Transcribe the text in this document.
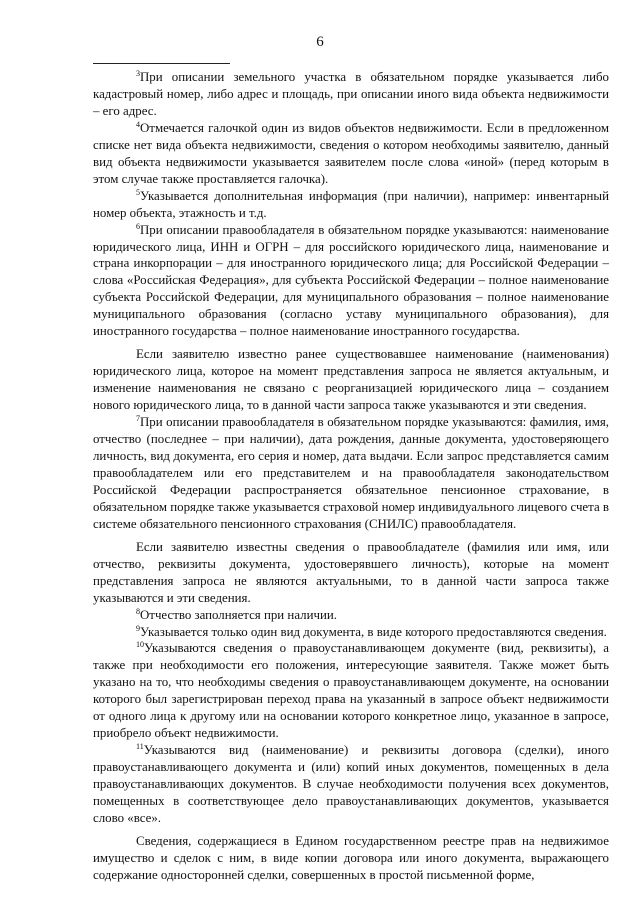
6

$^3$При описании земельного участка в обязательном порядке указывается либо кадастровый номер, либо адрес и площадь, при описании иного вида объекта недвижимости – его адрес.

$^4$Отмечается галочкой один из видов объектов недвижимости. Если в предложенном списке нет вида объекта недвижимости, сведения о котором необходимы заявителю, данный вид объекта недвижимости указывается заявителем после слова «иной» (перед которым в этом случае также проставляется галочка).

$^5$Указывается дополнительная информация (при наличии), например: инвентарный номер объекта, этажность и т.д.

$^6$При описании правообладателя в обязательном порядке указываются: наименование юридического лица, ИНН и ОГРН – для российского юридического лица, наименование и страна инкорпорации – для иностранного юридического лица; для Российской Федерации – слова «Российская Федерация», для субъекта Российской Федерации – полное наименование субъекта Российской Федерации, для муниципального образования – полное наименование муниципального образования (согласно уставу муниципального образования), для иностранного государства – полное наименование иностранного государства.

Если заявителю известно ранее существовавшее наименование (наименования) юридического лица, которое на момент представления запроса не является актуальным, и изменение наименования не связано с реорганизацией юридического лица – созданием нового юридического лица, то в данной части запроса также указываются и эти сведения.

$^7$При описании правообладателя в обязательном порядке указываются: фамилия, имя, отчество (последнее – при наличии), дата рождения, данные документа, удостоверяющего личность, вид документа, его серия и номер, дата выдачи. Если запрос представляется самим правообладателем или его представителем и на правообладателя законодательством Российской Федерации распространяется обязательное пенсионное страхование, в обязательном порядке также указывается страховой номер индивидуального лицевого счета в системе обязательного пенсионного страхования (СНИЛС) правообладателя.

Если заявителю известны сведения о правообладателе (фамилия или имя, или отчество, реквизиты документа, удостоверявшего личность), которые на момент представления запроса не являются актуальными, то в данной части запроса также указываются и эти сведения.

$^8$Отчество заполняется при наличии.

$^9$Указывается только один вид документа, в виде которого предоставляются сведения.

$^{10}$Указываются сведения о правоустанавливающем документе (вид, реквизиты), а также при необходимости его положения, интересующие заявителя. Также может быть указано на то, что необходимы сведения о правоустанавливающем документе, на основании которого был зарегистрирован переход права на указанный в запросе объект недвижимости от одного лица к другому или на основании которого конкретное лицо, указанное в запросе, приобрело объект недвижимости.

$^{11}$Указываются вид (наименование) и реквизиты договора (сделки), иного правоустанавливающего документа и (или) копий иных документов, помещенных в дела правоустанавливающих документов. В случае необходимости получения всех документов, помещенных в соответствующее дело правоустанавливающих документов, указывается слово «все».

Сведения, содержащиеся в Едином государственном реестре прав на недвижимое имущество и сделок с ним, в виде копии договора или иного документа, выражающего содержание односторонней сделки, совершенных в простой письменной форме,
